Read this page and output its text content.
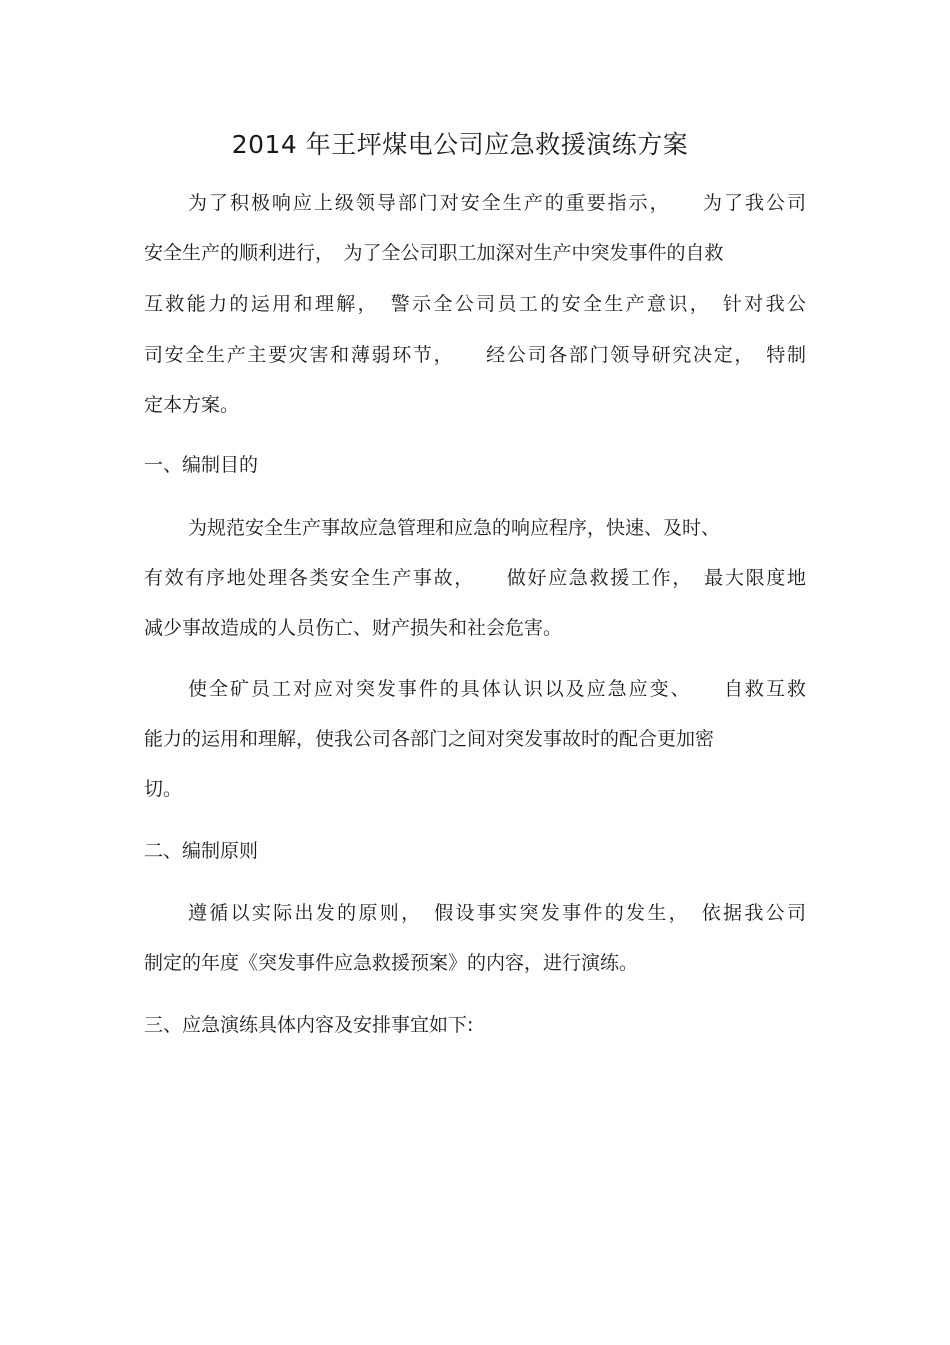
2014 年王坪煤电公司应急救援演练方案

为了积极响应上级领导部门对安全生产的重要指示，　　为了我公司

安全生产的顺利进行，　为了全公司职工加深对生产中突发事件的自救

互救能力的运用和理解，　警示全公司员工的安全生产意识，　针对我公

司安全生产主要灾害和薄弱环节，　　经公司各部门领导研究决定，　特制

定本方案。

一、编制目的

为规范安全生产事故应急管理和应急的响应程序，快速、及时、

有效有序地处理各类安全生产事故，　　做好应急救援工作，　最大限度地

减少事故造成的人员伤亡、财产损失和社会危害。

使全矿员工对应对突发事件的具体认识以及应急应变、　　自救互救

能力的运用和理解，使我公司各部门之间对突发事故时的配合更加密

切。

二、编制原则

遵循以实际出发的原则，　假设事实突发事件的发生，　依据我公司

制定的年度《突发事件应急救援预案》的内容，进行演练。

三、应急演练具体内容及安排事宜如下:
